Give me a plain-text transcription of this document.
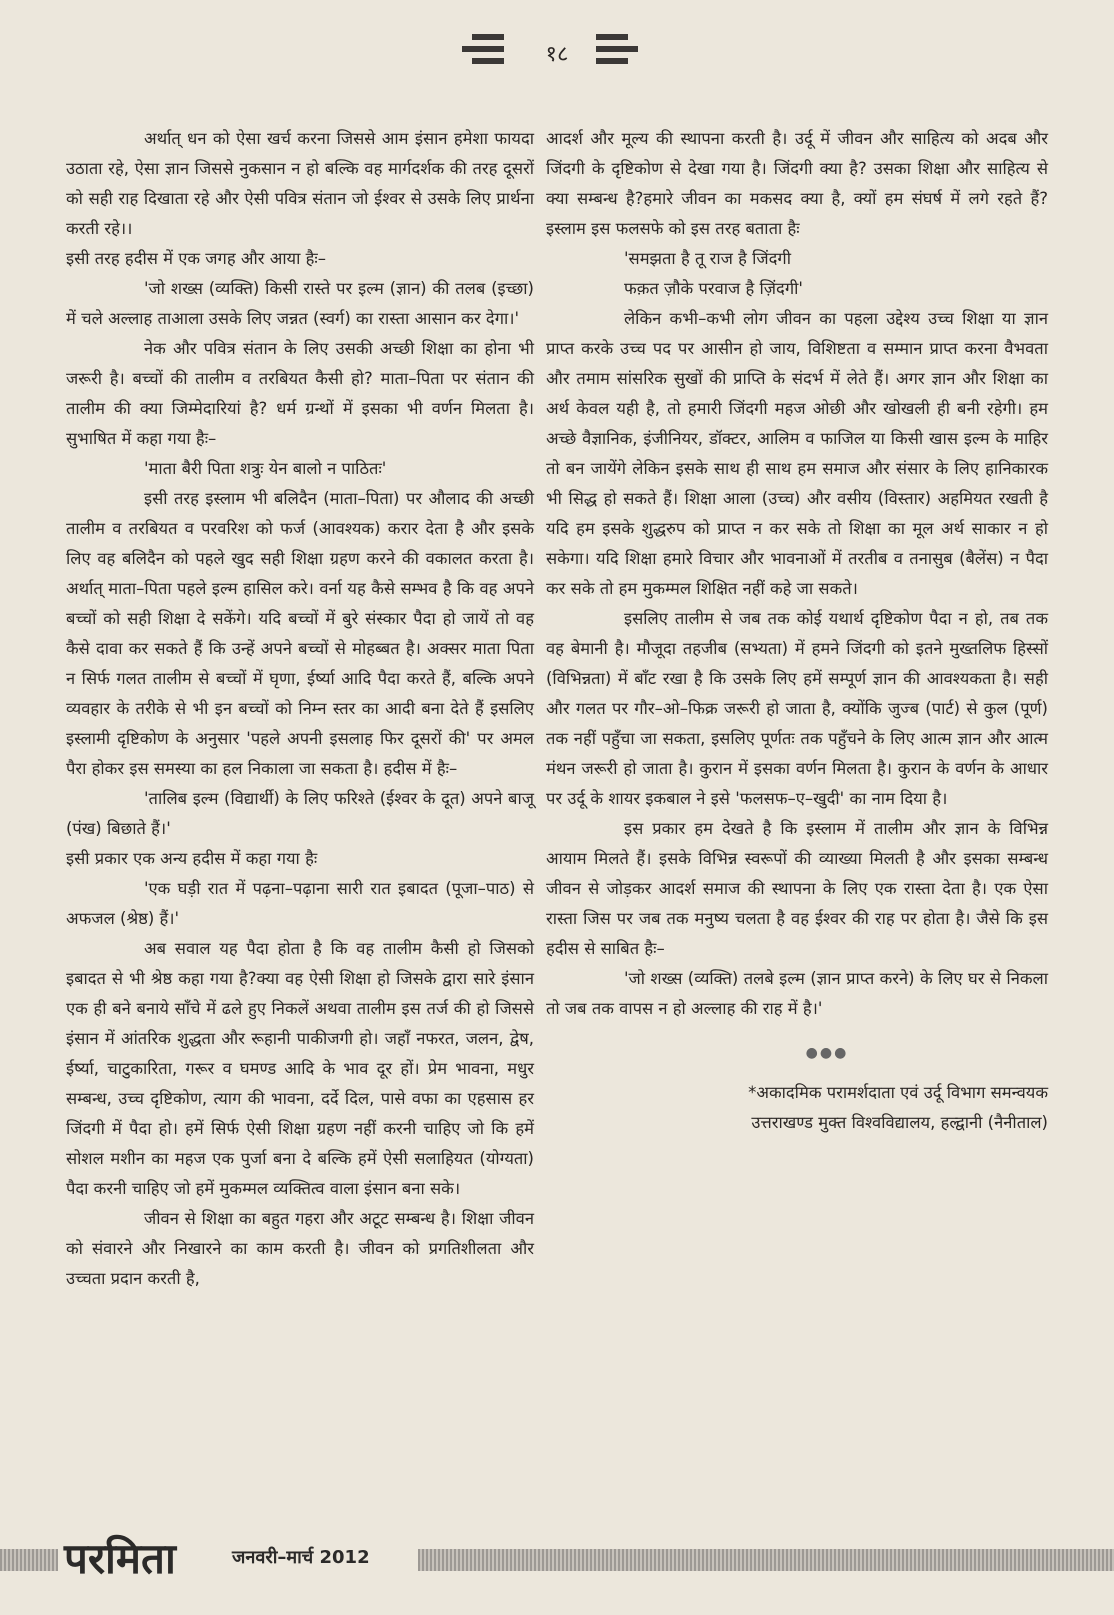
१८

अर्थात् धन को ऐसा खर्च करना जिससे आम इंसान हमेशा फायदा उठाता रहे, ऐसा ज्ञान जिससे नुकसान न हो बल्कि वह मार्गदर्शक की तरह दूसरों को सही राह दिखाता रहे और ऐसी पवित्र संतान जो ईश्वर से उसके लिए प्रार्थना करती रहे।।

इसी तरह हदीस में एक जगह और आया हैः–

'जो शख्स (व्यक्ति) किसी रास्ते पर इल्म (ज्ञान) की तलब (इच्छा) में चले अल्लाह ताआला उसके लिए जन्नत (स्वर्ग) का रास्ता आसान कर देगा।'

नेक और पवित्र संतान के लिए उसकी अच्छी शिक्षा का होना भी जरूरी है। बच्चों की तालीम व तरबियत कैसी हो? माता–पिता पर संतान की तालीम की क्या जिम्मेदारियां है? धर्म ग्रन्थों में इसका भी वर्णन मिलता है। सुभाषित में कहा गया हैः–

'माता बैरी पिता शत्रुः येन बालो न पाठितः'

इसी तरह इस्लाम भी बलिदैन (माता–पिता) पर औलाद की अच्छी तालीम व तरबियत व परवरिश को फर्ज (आवश्यक) करार देता है और इसके लिए वह बलिदैन को पहले खुद सही शिक्षा ग्रहण करने की वकालत करता है। अर्थात् माता–पिता पहले इल्म हासिल करे। वर्ना यह कैसे सम्भव है कि वह अपने बच्चों को सही शिक्षा दे सकेंगे। यदि बच्चों में बुरे संस्कार पैदा हो जायें तो वह कैसे दावा कर सकते हैं कि उन्हें अपने बच्चों से मोहब्बत है। अक्सर माता पिता न सिर्फ गलत तालीम से बच्चों में घृणा, ईर्ष्या आदि पैदा करते हैं, बल्कि अपने व्यवहार के तरीके से भी इन बच्चों को निम्न स्तर का आदी बना देते हैं इसलिए इस्लामी दृष्टिकोण के अनुसार 'पहले अपनी इसलाह फिर दूसरों की' पर अमल पैरा होकर इस समस्या का हल निकाला जा सकता है। हदीस में हैः–

'तालिब इल्म (विद्यार्थी) के लिए फरिश्ते (ईश्वर के दूत) अपने बाजू (पंख) बिछाते हैं।'

इसी प्रकार एक अन्य हदीस में कहा गया हैः

'एक घड़ी रात में पढ़ना–पढ़ाना सारी रात इबादत (पूजा–पाठ) से अफजल (श्रेष्ठ) हैं।'

अब सवाल यह पैदा होता है कि वह तालीम कैसी हो जिसको इबादत से भी श्रेष्ठ कहा गया है?क्या वह ऐसी शिक्षा हो जिसके द्वारा सारे इंसान एक ही बने बनाये साँचे में ढले हुए निकलें अथवा तालीम इस तर्ज की हो जिससे इंसान में आंतरिक शुद्धता और रूहानी पाकीजगी हो। जहाँ नफरत, जलन, द्वेष, ईर्ष्या, चाटुकारिता, गरूर व घमण्ड आदि के भाव दूर हों। प्रेम भावना, मधुर सम्बन्ध, उच्च दृष्टिकोण, त्याग की भावना, दर्दे दिल, पासे वफा का एहसास हर जिंदगी में पैदा हो। हमें सिर्फ ऐसी शिक्षा ग्रहण नहीं करनी चाहिए जो कि हमें सोशल मशीन का महज एक पुर्जा बना दे बल्कि हमें ऐसी सलाहियत (योग्यता) पैदा करनी चाहिए जो हमें मुकम्मल व्यक्तित्व वाला इंसान बना सके।

जीवन से शिक्षा का बहुत गहरा और अटूट सम्बन्ध है। शिक्षा जीवन को संवारने और निखारने का काम करती है। जीवन को प्रगतिशीलता और उच्चता प्रदान करती है,

आदर्श और मूल्य की स्थापना करती है। उर्दू में जीवन और साहित्य को अदब और जिंदगी के दृष्टिकोण से देखा गया है। जिंदगी क्या है? उसका शिक्षा और साहित्य से क्या सम्बन्ध है?हमारे जीवन का मकसद क्या है, क्यों हम संघर्ष में लगे रहते हैं? इस्लाम इस फलसफे को इस तरह बताता हैः

'समझता है तू राज है जिंदगी

फक़त ज़ौके परवाज है ज़िंदगी'

लेकिन कभी–कभी लोग जीवन का पहला उद्देश्य उच्च शिक्षा या ज्ञान प्राप्त करके उच्च पद पर आसीन हो जाय, विशिष्टता व सम्मान प्राप्त करना वैभवता और तमाम सांसरिक सुखों की प्राप्ति के संदर्भ में लेते हैं। अगर ज्ञान और शिक्षा का अर्थ केवल यही है, तो हमारी जिंदगी महज ओछी और खोखली ही बनी रहेगी। हम अच्छे वैज्ञानिक, इंजीनियर, डॉक्टर, आलिम व फाजिल या किसी खास इल्म के माहिर तो बन जायेंगे लेकिन इसके साथ ही साथ हम समाज और संसार के लिए हानिकारक भी सिद्ध हो सकते हैं। शिक्षा आला (उच्च) और वसीय (विस्तार) अहमियत रखती है यदि हम इसके शुद्धरुप को प्राप्त न कर सके तो शिक्षा का मूल अर्थ साकार न हो सकेगा। यदि शिक्षा हमारे विचार और भावनाओं में तरतीब व तनासुब (बैलेंस) न पैदा कर सके तो हम मुकम्मल शिक्षित नहीं कहे जा सकते।

इसलिए तालीम से जब तक कोई यथार्थ दृष्टिकोण पैदा न हो, तब तक वह बेमानी है। मौजूदा तहजीब (सभ्यता) में हमने जिंदगी को इतने मुख्तलिफ हिस्सों (विभिन्नता) में बाँट रखा है कि उसके लिए हमें सम्पूर्ण ज्ञान की आवश्यकता है। सही और गलत पर गौर–ओ–फिक्र जरूरी हो जाता है, क्योंकि जुज्ब (पार्ट) से कुल (पूर्ण) तक नहीं पहुँचा जा सकता, इसलिए पूर्णतः तक पहुँचने के लिए आत्म ज्ञान और आत्म मंथन जरूरी हो जाता है। कुरान में इसका वर्णन मिलता है। कुरान के वर्णन के आधार पर उर्दू के शायर इकबाल ने इसे 'फलसफ–ए–खुदी' का नाम दिया है।

इस प्रकार हम देखते है कि इस्लाम में तालीम और ज्ञान के विभिन्न आयाम मिलते हैं। इसके विभिन्न स्वरूपों की व्याख्या मिलती है और इसका सम्बन्ध जीवन से जोड़कर आदर्श समाज की स्थापना के लिए एक रास्ता देता है। एक ऐसा रास्ता जिस पर जब तक मनुष्य चलता है वह ईश्वर की राह पर होता है। जैसे कि इस हदीस से साबित हैः–

'जो शख्स (व्यक्ति) तलबे इल्म (ज्ञान प्राप्त करने) के लिए घर से निकला तो जब तक वापस न हो अल्लाह की राह में है।'

●●●

*अकादमिक परामर्शदाता एवं उर्दू विभाग समन्वयक

उत्तराखण्ड मुक्त विश्वविद्यालय, हल्द्वानी (नैनीताल)

परमिता	जनवरी–मार्च 2012
